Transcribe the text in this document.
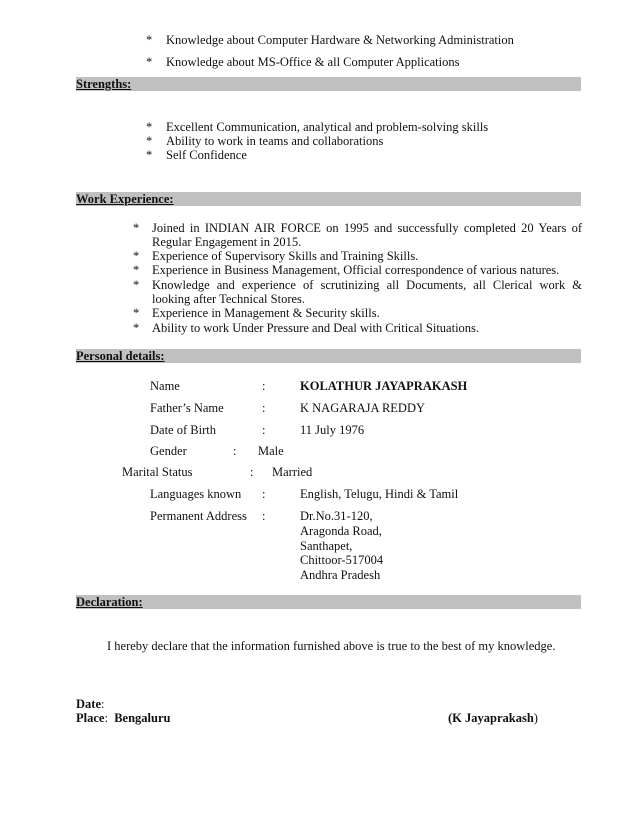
* Knowledge about Computer Hardware & Networking Administration
* Knowledge about MS-Office & all Computer Applications
Strengths:
* Excellent Communication, analytical and problem-solving skills
* Ability to work in teams and collaborations
* Self Confidence
Work Experience:
* Joined in INDIAN AIR FORCE on 1995 and successfully completed 20 Years of
Regular Engagement in 2015.
* Experience of Supervisory Skills and Training Skills.
* Experience in Business Management, Official correspondence of various natures.
* Knowledge and experience of scrutinizing all Documents, all Clerical work &
looking after Technical Stores.
* Experience in Management & Security skills.
* Ability to work Under Pressure and Deal with Critical Situations.
Personal details:
Name	:	KOLATHUR JAYAPRAKASH
Father’s Name	:	K NAGARAJA REDDY
Date of Birth	:	11 July 1976
Gender	: Male
Marital Status	: Married
Languages known :	English, Telugu, Hindi & Tamil
Permanent Address :	Dr.No.31-120,
Aragonda Road,
Santhapet,
Chittoor-517004
Andhra Pradesh
Declaration:
I hereby declare that the information furnished above is true to the best of my knowledge.
Date:
Place: Bengaluru	(K Jayaprakash)
